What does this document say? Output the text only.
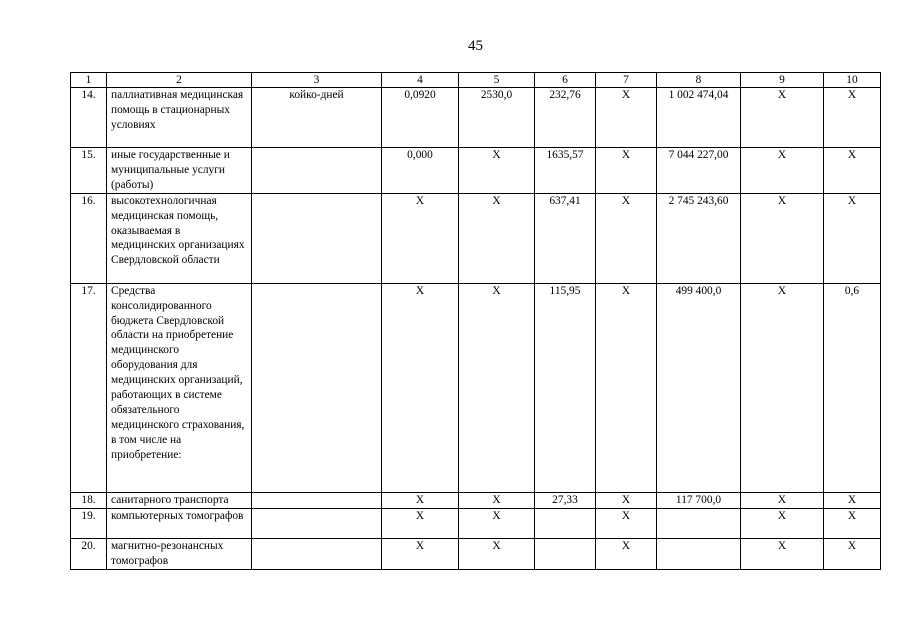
45
1	2	3	4	5	6	7	8	9	10
14.	паллиативная медицинская помощь в стационарных условиях	койко-дней	0,0920	2530,0	232,76	Х	1 002 474,04	Х	Х
15.	иные государственные и муниципальные услуги (работы)		0,000	Х	1635,57	Х	7 044 227,00	Х	Х
16.	высокотехнологичная медицинская помощь, оказываемая в медицинских организациях Свердловской области		Х	Х	637,41	Х	2 745 243,60	Х	Х
17.	Средства консолидированного бюджета Свердловской области на приобретение медицинского оборудования для медицинских организаций, работающих в системе обязательного медицинского страхования, в том числе на приобретение:		Х	Х	115,95	Х	499 400,0	Х	0,6
18.	санитарного транспорта		Х	Х	27,33	Х	117 700,0	Х	Х
19.	компьютерных томографов		Х	Х		Х		Х	Х
20.	магнитно-резонансных томографов		Х	Х		Х		Х	Х
